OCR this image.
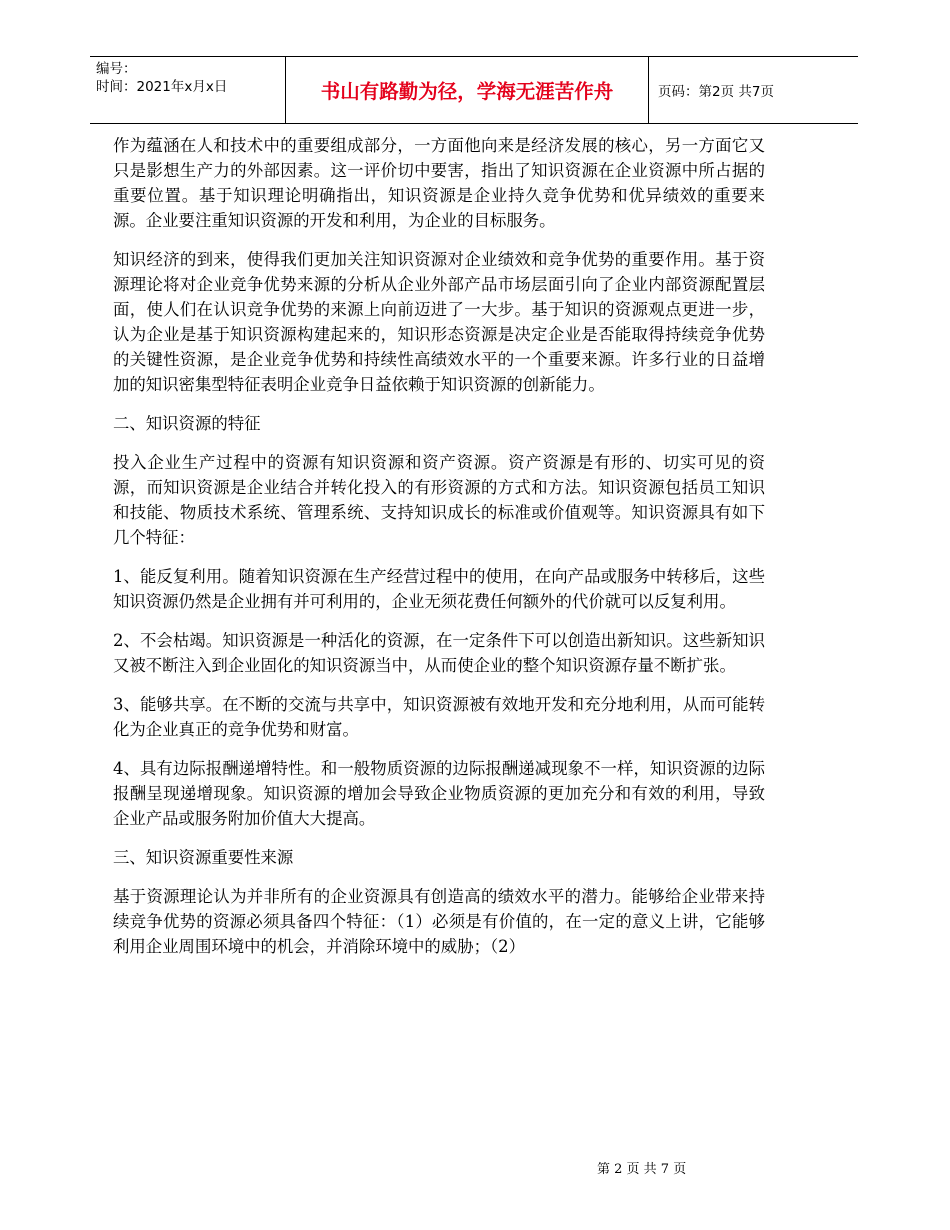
编号：
时间：2021年x月x日	书山有路勤为径，学海无涯苦作舟	页码：第2页 共7页

作为蕴涵在人和技术中的重要组成部分，一方面他向来是经济发展的核心，另一方面它又只是影想生产力的外部因素。这一评价切中要害，指出了知识资源在企业资源中所占据的重要位置。基于知识理论明确指出，知识资源是企业持久竞争优势和优异绩效的重要来源。企业要注重知识资源的开发和利用，为企业的目标服务。

知识经济的到来，使得我们更加关注知识资源对企业绩效和竞争优势的重要作用。基于资源理论将对企业竞争优势来源的分析从企业外部产品市场层面引向了企业内部资源配置层面，使人们在认识竞争优势的来源上向前迈进了一大步。基于知识的资源观点更进一步，认为企业是基于知识资源构建起来的，知识形态资源是决定企业是否能取得持续竞争优势的关键性资源，是企业竞争优势和持续性高绩效水平的一个重要来源。许多行业的日益增加的知识密集型特征表明企业竞争日益依赖于知识资源的创新能力。

二、知识资源的特征

投入企业生产过程中的资源有知识资源和资产资源。资产资源是有形的、切实可见的资源，而知识资源是企业结合并转化投入的有形资源的方式和方法。知识资源包括员工知识和技能、物质技术系统、管理系统、支持知识成长的标准或价值观等。知识资源具有如下几个特征：

1、能反复利用。随着知识资源在生产经营过程中的使用，在向产品或服务中转移后，这些知识资源仍然是企业拥有并可利用的，企业无须花费任何额外的代价就可以反复利用。

2、不会枯竭。知识资源是一种活化的资源，在一定条件下可以创造出新知识。这些新知识又被不断注入到企业固化的知识资源当中，从而使企业的整个知识资源存量不断扩张。

3、能够共享。在不断的交流与共享中，知识资源被有效地开发和充分地利用，从而可能转化为企业真正的竞争优势和财富。

4、具有边际报酬递增特性。和一般物质资源的边际报酬递减现象不一样，知识资源的边际报酬呈现递增现象。知识资源的增加会导致企业物质资源的更加充分和有效的利用，导致企业产品或服务附加价值大大提高。

三、知识资源重要性来源

基于资源理论认为并非所有的企业资源具有创造高的绩效水平的潜力。能够给企业带来持续竞争优势的资源必须具备四个特征：（1）必须是有价值的，在一定的意义上讲，它能够利用企业周围环境中的机会，并消除环境中的威胁；（2）

第 2 页 共 7 页
